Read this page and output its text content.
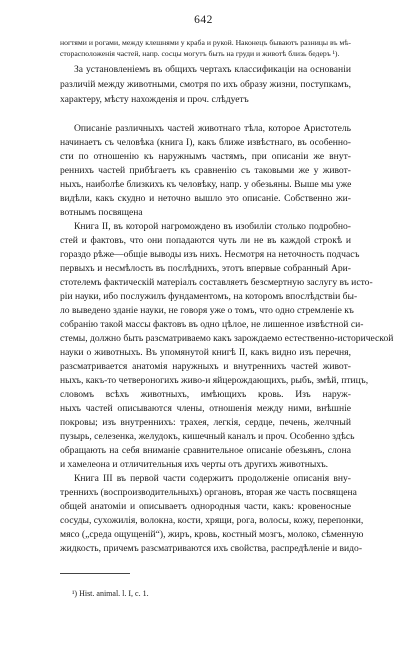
642
ногтями и рогами, между клешнями у краба и рукой. Наконецъ бываютъ разницы въ мѣ-
сторасположенія частей, напр. сосцы могутъ быть на груди и животѣ близь бедеръ ¹).
За установленіемъ въ общихъ чертахъ классификаціи на основаніи
различій между животными, смотря по ихъ образу жизни, поступкамъ,
характеру, мѣсту нахожденія и проч. слѣдуетъ
Описаніе различныхъ частей животнаго тѣла, которое Аристотель
начинаетъ съ человѣка (книга I), какъ ближе извѣстнаго, въ особенно-
сти по отношенію къ наружнымъ частямъ, при описаніи же внут-
реннихъ частей прибѣгаетъ къ сравненію съ таковыми же у живот-
ныхъ, наиболѣе близкихъ къ человѣку, напр. у обезьяны. Выше мы уже
видѣли, какъ скудно и неточно вышло это описаніе. Собственно жи-
вотнымъ посвящена
Книга II, въ которой нагромождено въ изобиліи столько подробно-
стей и фактовъ, что они попадаются чуть ли не въ каждой строкѣ и
гораздо рѣже—общіе выводы изъ нихъ. Несмотря на неточность подчасъ
первыхъ и несмѣлость въ послѣднихъ, этотъ впервые собранный Ари-
стотелемъ фактическій матеріалъ составляетъ безсмертную заслугу въ исто-
ріи науки, ибо послужилъ фундаментомъ, на которомъ впослѣдствіи бы-
ло выведено зданіе науки, не говоря уже о томъ, что одно стремленіе къ
собранію такой массы фактовъ въ одно цѣлое, не лишенное извѣстной си-
стемы, должно быть разсматриваемо какъ зарождаемо естественно-исторической
науки о животныхъ. Въ упомянутой книгѣ II, какъ видно изъ перечня,
разсматривается анатомія наружныхъ и внутреннихъ частей живот-
ныхъ, какъ-то четвероногихъ живо-и яйцерождающихъ, рыбъ, змѣй, птицъ,
словомъ всѣхъ животныхъ, имѣющихъ кровь. Изъ наруж-
ныхъ частей описываются члены, отношенія между ними, внѣшніе
покровы; изъ внутреннихъ: трахея, легкія, сердце, печень, желчный
пузырь, селезенка, желудокъ, кишечный каналъ и проч. Особенно здѣсь
обращають на себя вниманіе сравнительное описаніе обезьянъ, слона
и хамелеона и отличительныя ихъ черты отъ другихъ животныхъ.
Книга III въ первой части содержитъ продолженіе описанія вну-
треннихъ (воспроизводительныхъ) органовъ, вторая же часть посвящена
общей анатоміи и описываетъ однородныя части, какъ: кровеносные
сосуды, сухожилія, волокна, кости, хрящи, рога, волосы, кожу, перепонки,
мясо („среда ощущеній“), жиръ, кровь, костный мозгъ, молоко, сѣменную
жидкость, причемъ разсматриваются ихъ свойства, распредѣленіе и видо-
¹) Hist. animal. l. I, c. 1.
